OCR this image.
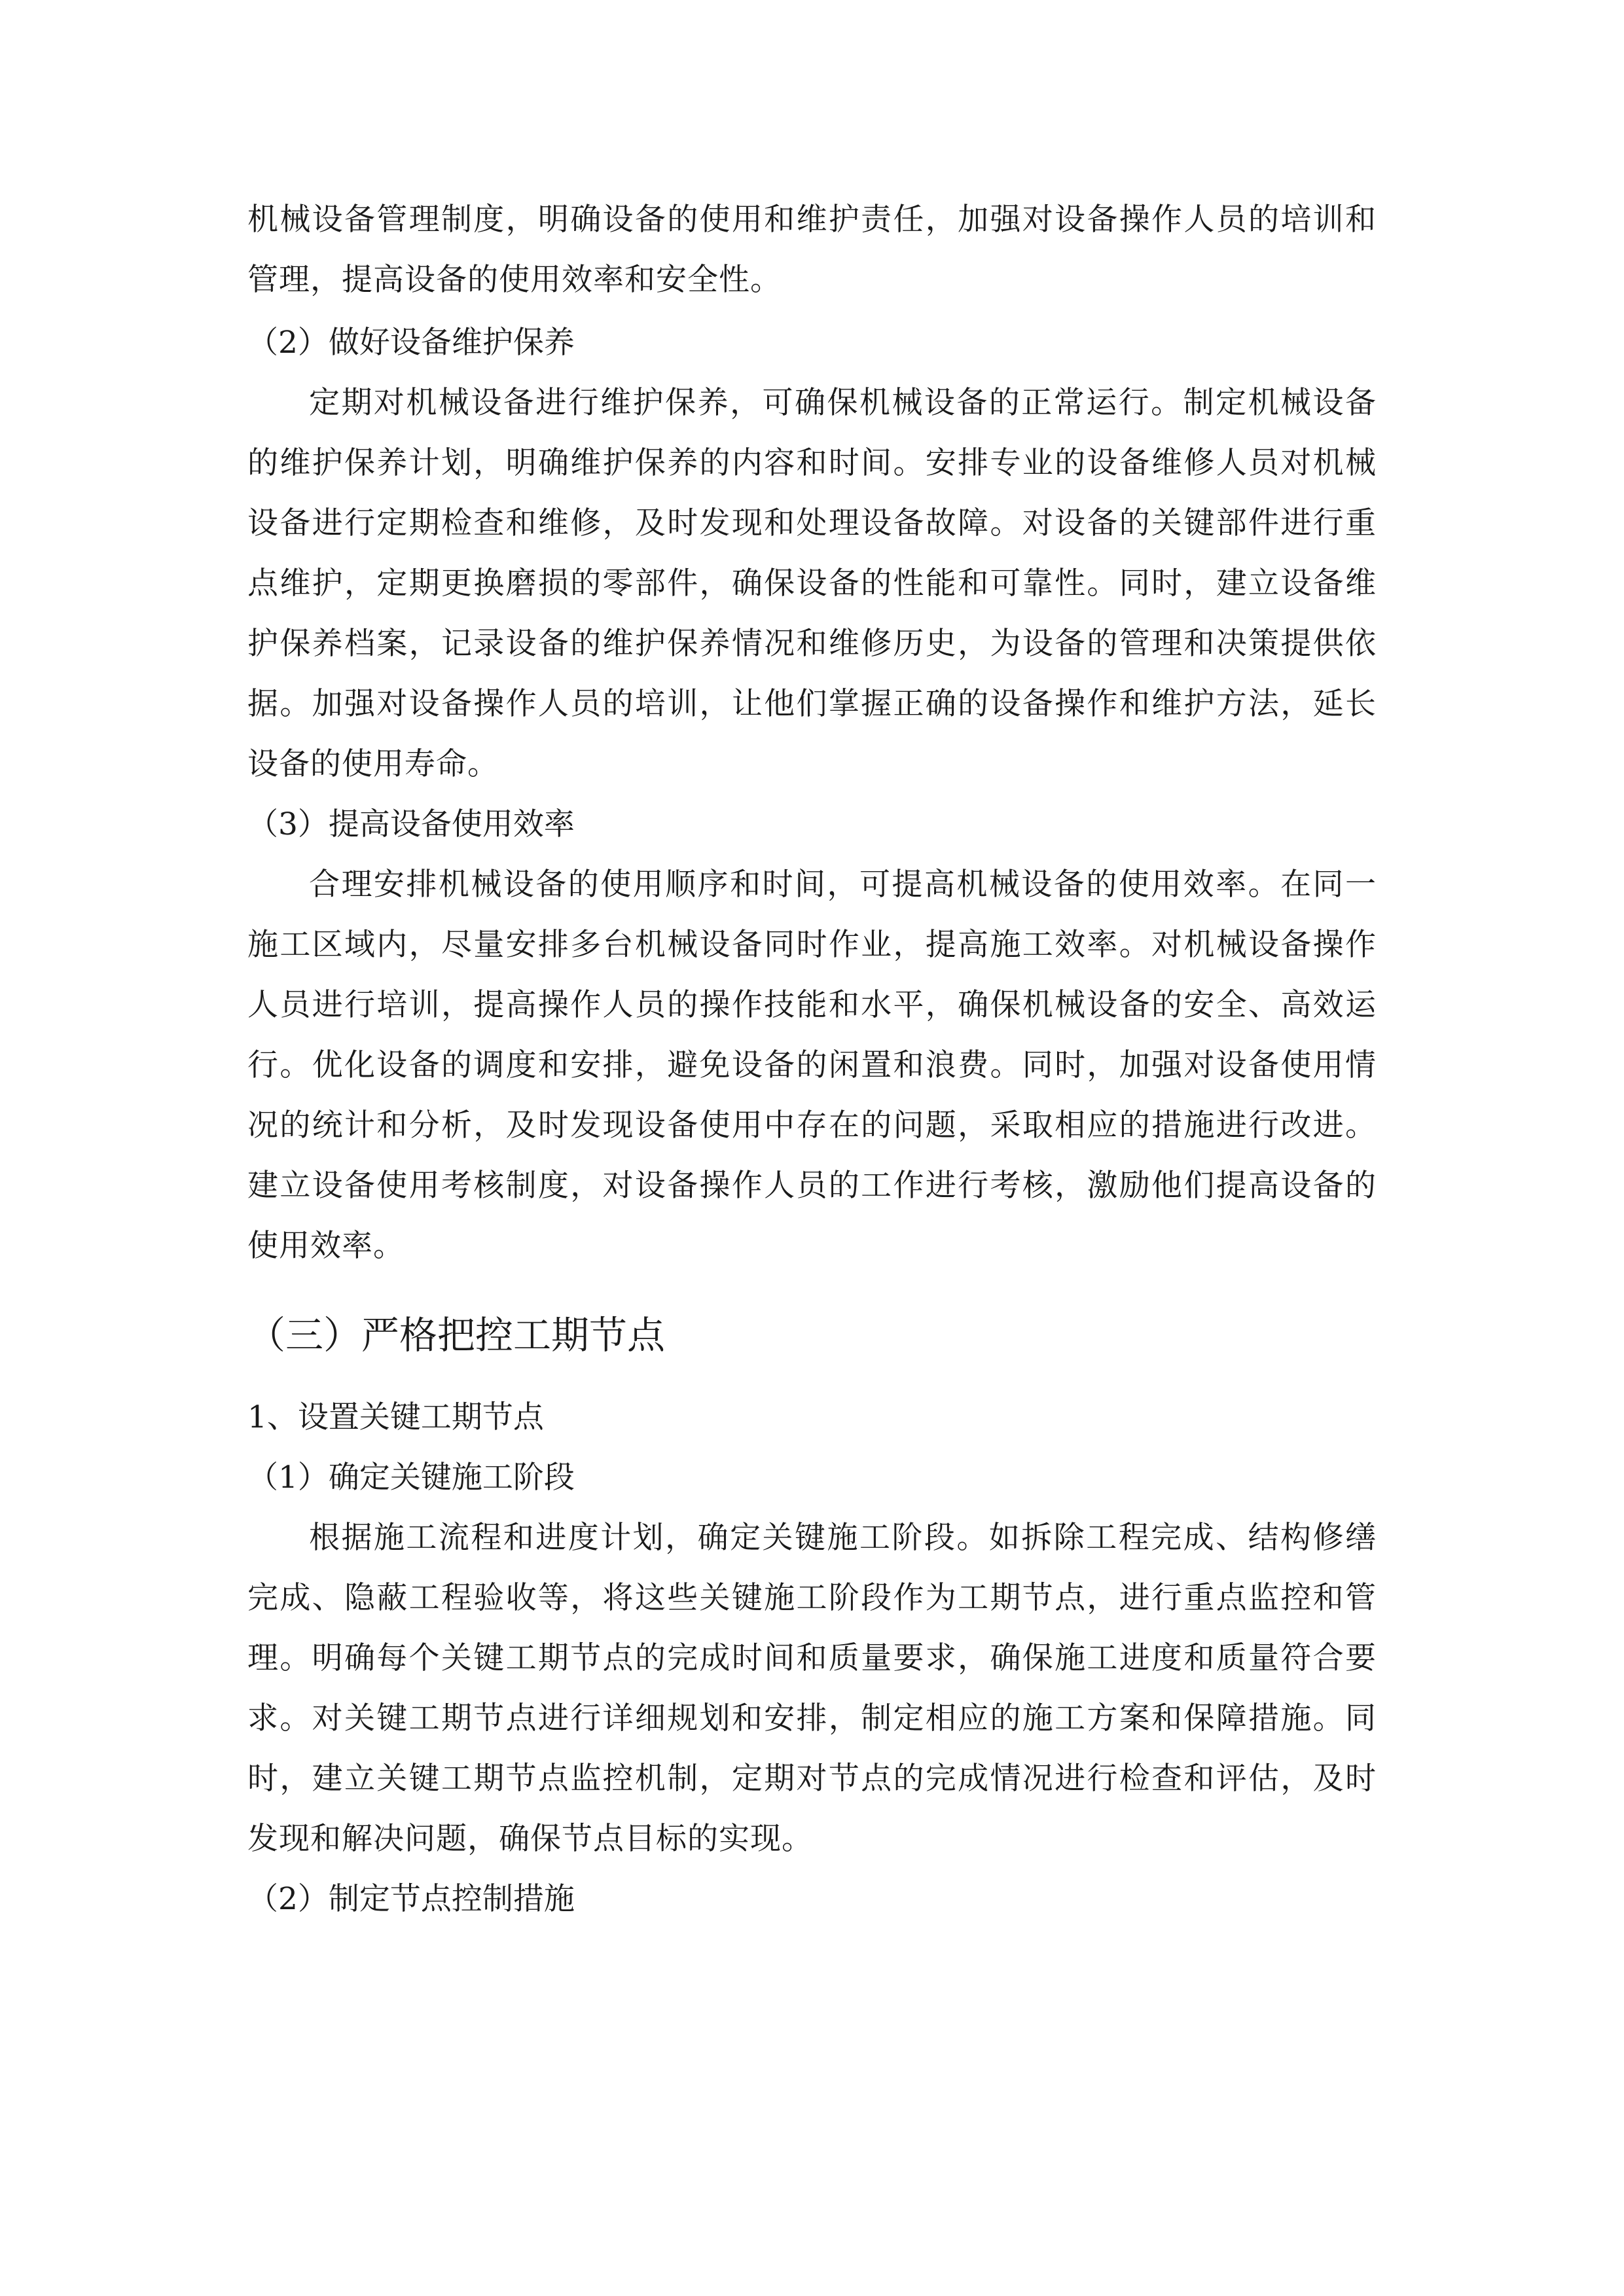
机械设备管理制度，明确设备的使用和维护责任，加强对设备操作人员的培训和管理，提高设备的使用效率和安全性。

（2）做好设备维护保养

定期对机械设备进行维护保养，可确保机械设备的正常运行。制定机械设备的维护保养计划，明确维护保养的内容和时间。安排专业的设备维修人员对机械设备进行定期检查和维修，及时发现和处理设备故障。对设备的关键部件进行重点维护，定期更换磨损的零部件，确保设备的性能和可靠性。同时，建立设备维护保养档案，记录设备的维护保养情况和维修历史，为设备的管理和决策提供依据。加强对设备操作人员的培训，让他们掌握正确的设备操作和维护方法，延长设备的使用寿命。

（3）提高设备使用效率

合理安排机械设备的使用顺序和时间，可提高机械设备的使用效率。在同一施工区域内，尽量安排多台机械设备同时作业，提高施工效率。对机械设备操作人员进行培训，提高操作人员的操作技能和水平，确保机械设备的安全、高效运行。优化设备的调度和安排，避免设备的闲置和浪费。同时，加强对设备使用情况的统计和分析，及时发现设备使用中存在的问题，采取相应的措施进行改进。建立设备使用考核制度，对设备操作人员的工作进行考核，激励他们提高设备的使用效率。

（三）严格把控工期节点

1、设置关键工期节点

（1）确定关键施工阶段

根据施工流程和进度计划，确定关键施工阶段。如拆除工程完成、结构修缮完成、隐蔽工程验收等，将这些关键施工阶段作为工期节点，进行重点监控和管理。明确每个关键工期节点的完成时间和质量要求，确保施工进度和质量符合要求。对关键工期节点进行详细规划和安排，制定相应的施工方案和保障措施。同时，建立关键工期节点监控机制，定期对节点的完成情况进行检查和评估，及时发现和解决问题，确保节点目标的实现。

（2）制定节点控制措施
